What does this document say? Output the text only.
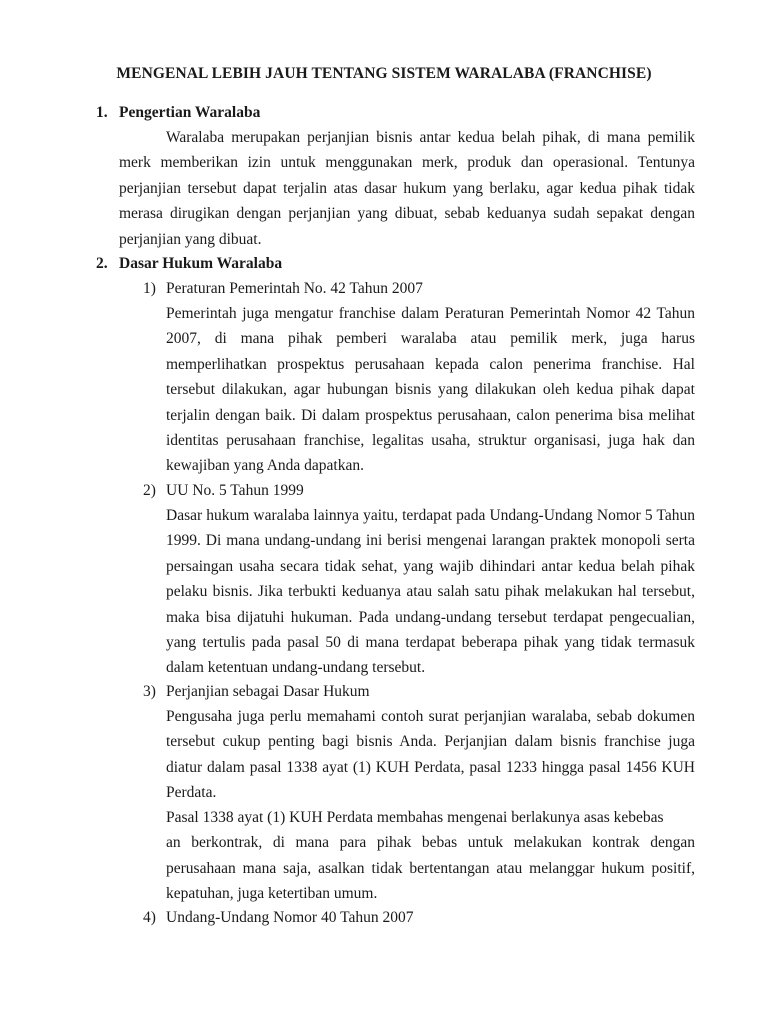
MENGENAL LEBIH JAUH TENTANG SISTEM WARALABA (FRANCHISE)
1. Pengertian Waralaba
Waralaba merupakan perjanjian bisnis antar kedua belah pihak, di mana pemilik
merk memberikan izin untuk menggunakan merk, produk dan operasional. Tentunya
perjanjian tersebut dapat terjalin atas dasar hukum yang berlaku, agar kedua pihak tidak
merasa dirugikan dengan perjanjian yang dibuat, sebab keduanya sudah sepakat dengan
perjanjian yang dibuat.
2. Dasar Hukum Waralaba
1) Peraturan Pemerintah No. 42 Tahun 2007
Pemerintah juga mengatur franchise dalam Peraturan Pemerintah Nomor 42 Tahun
2007, di mana pihak pemberi waralaba atau pemilik merk, juga harus
memperlihatkan prospektus perusahaan kepada calon penerima franchise. Hal
tersebut dilakukan, agar hubungan bisnis yang dilakukan oleh kedua pihak dapat
terjalin dengan baik. Di dalam prospektus perusahaan, calon penerima bisa melihat
identitas perusahaan franchise, legalitas usaha, struktur organisasi, juga hak dan
kewajiban yang Anda dapatkan.
2) UU No. 5 Tahun 1999
Dasar hukum waralaba lainnya yaitu, terdapat pada Undang-Undang Nomor 5 Tahun
1999. Di mana undang-undang ini berisi mengenai larangan praktek monopoli serta
persaingan usaha secara tidak sehat, yang wajib dihindari antar kedua belah pihak
pelaku bisnis. Jika terbukti keduanya atau salah satu pihak melakukan hal tersebut,
maka bisa dijatuhi hukuman. Pada undang-undang tersebut terdapat pengecualian,
yang tertulis pada pasal 50 di mana terdapat beberapa pihak yang tidak termasuk
dalam ketentuan undang-undang tersebut.
3) Perjanjian sebagai Dasar Hukum
Pengusaha juga perlu memahami contoh surat perjanjian waralaba, sebab dokumen
tersebut cukup penting bagi bisnis Anda. Perjanjian dalam bisnis franchise juga
diatur dalam pasal 1338 ayat (1) KUH Perdata, pasal 1233 hingga pasal 1456 KUH
Perdata.
Pasal 1338 ayat (1) KUH Perdata membahas mengenai berlakunya asas kebebas
an berkontrak, di mana para pihak bebas untuk melakukan kontrak dengan
perusahaan mana saja, asalkan tidak bertentangan atau melanggar hukum positif,
kepatuhan, juga ketertiban umum.
4) Undang-Undang Nomor 40 Tahun 2007
